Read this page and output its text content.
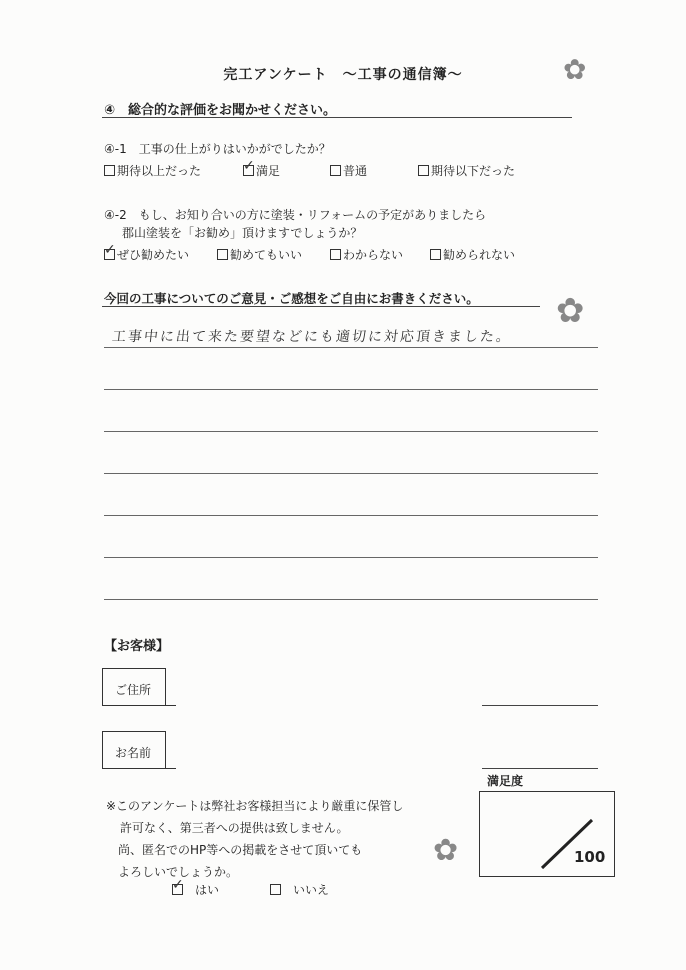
完工アンケート　～工事の通信簿～	✿
④　総合的な評価をお聞かせください。
④-1　工事の仕上がりはいかがでしたか？
期待以上だった
✓	満足	普通	期待以下だった
④-2　もし、お知り合いの方に塗装・リフォームの予定がありましたら
郡山塗装を「お勧め」頂けますでしょうか？
✓ぜひ勧めたい	勧めてもいい	わからない	勧められない
今回の工事についてのご意見・ご感想をご自由にお書きください。 ✿
工事中に出て来た要望などにも適切に対応頂きました。
【お客様】
ご住所
お名前
満足度
100
※このアンケートは弊社お客様担当により厳重に保管し
許可なく、第三者への提供は致しません。
尚、匿名でのHP等への掲載をさせて頂いても
よろしいでしょうか。
✿
✓はい	いいえ
